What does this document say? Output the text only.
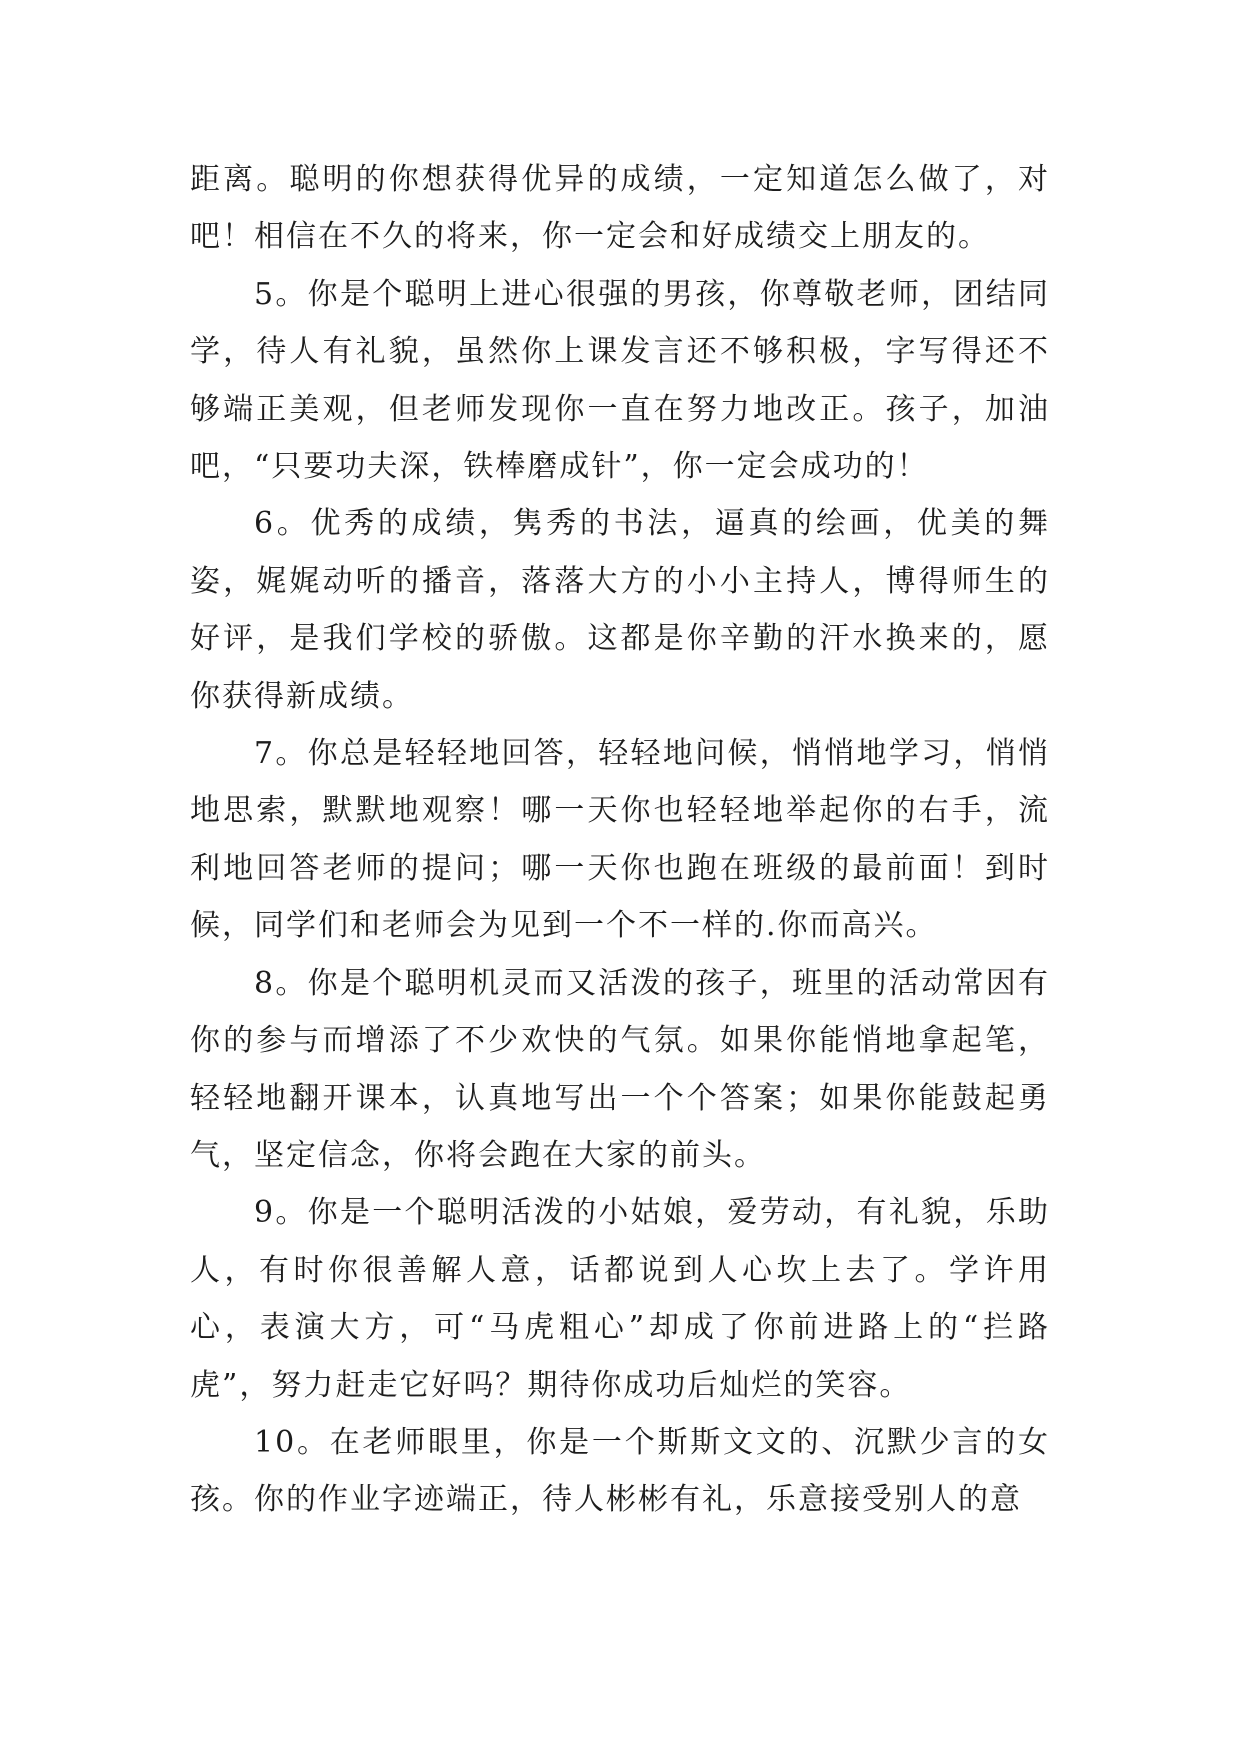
距离。聪明的你想获得优异的成绩，一定知道怎么做了，对吧！相信在不久的将来，你一定会和好成绩交上朋友的。

5。你是个聪明上进心很强的男孩，你尊敬老师，团结同学，待人有礼貌，虽然你上课发言还不够积极，字写得还不够端正美观，但老师发现你一直在努力地改正。孩子，加油吧，“只要功夫深，铁棒磨成针”，你一定会成功的！

6。优秀的成绩，隽秀的书法，逼真的绘画，优美的舞姿，娓娓动听的播音，落落大方的小小主持人，博得师生的好评，是我们学校的骄傲。这都是你辛勤的汗水换来的，愿你获得新成绩。

7。你总是轻轻地回答，轻轻地问候，悄悄地学习，悄悄地思索，默默地观察！哪一天你也轻轻地举起你的右手，流利地回答老师的提问；哪一天你也跑在班级的最前面！到时候，同学们和老师会为见到一个不一样的.你而高兴。

8。你是个聪明机灵而又活泼的孩子，班里的活动常因有你的参与而增添了不少欢快的气氛。如果你能悄地拿起笔，轻轻地翻开课本，认真地写出一个个答案；如果你能鼓起勇气，坚定信念，你将会跑在大家的前头。

9。你是一个聪明活泼的小姑娘，爱劳动，有礼貌，乐助人，有时你很善解人意，话都说到人心坎上去了。学许用心，表演大方，可“马虎粗心”却成了你前进路上的“拦路虎”，努力赶走它好吗？期待你成功后灿烂的笑容。

10。在老师眼里，你是一个斯斯文文的、沉默少言的女孩。你的作业字迹端正，待人彬彬有礼，乐意接受别人的意
